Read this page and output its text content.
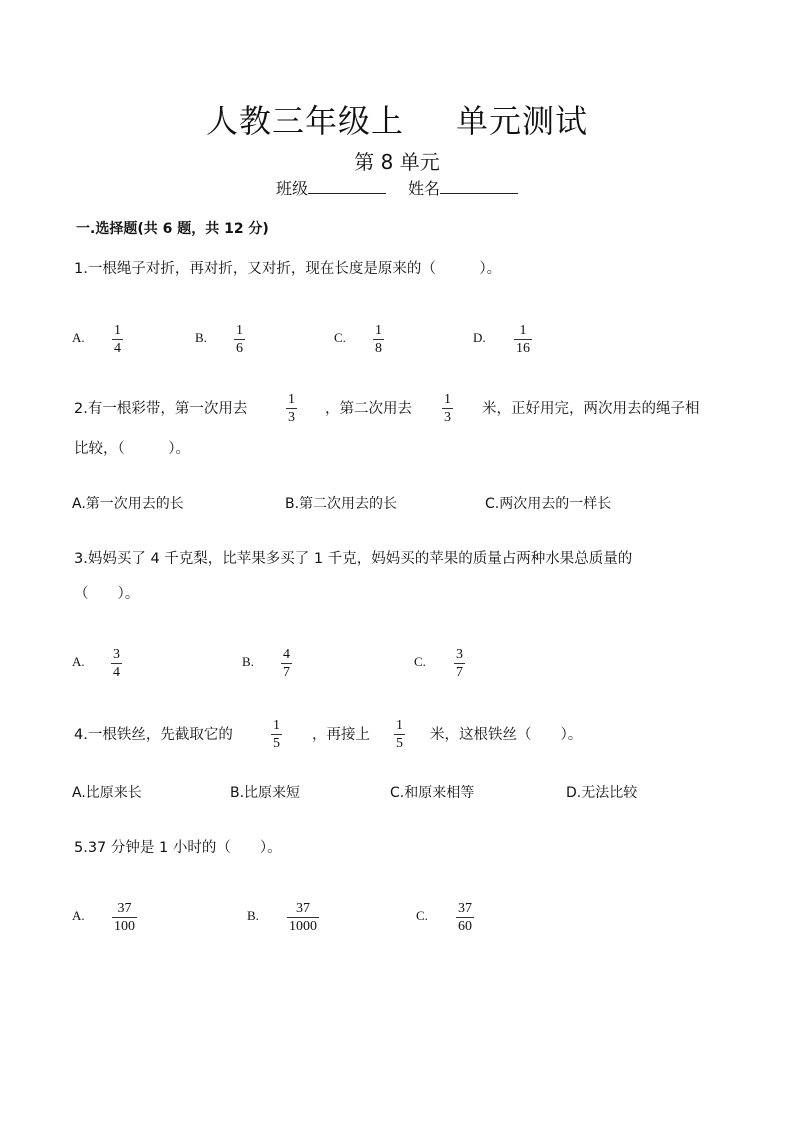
人教三年级上 单元测试
第 8 单元
班级	姓名
一.选择题(共 6 题，共 12 分)
1.一根绳子对折，再对折，又对折，现在长度是原来的（　　　）。
A. 1
4
B. 1
6
C. 1
8
D. 1
16
2.有一根彩带，第一次用去
1
3
，第二次用去
1
3
米，正好用完，两次用去的绳子相
比较，（　　　）。
A.第一次用去的长	B.第二次用去的长	C.两次用去的一样长
3.妈妈买了 4 千克梨，比苹果多买了 1 千克，妈妈买的苹果的质量占两种水果总质量的
（　　）。
A. 3
4
B. 4
7
C. 3
7
4.一根铁丝，先截取它的
1
5
，再接上
1
5
米，这根铁丝（　　）。
A.比原来长	B.比原来短	C.和原来相等	D.无法比较
5.37 分钟是 1 小时的（　　）。
A. 37
100
B.	37
1000
C. 37
60
